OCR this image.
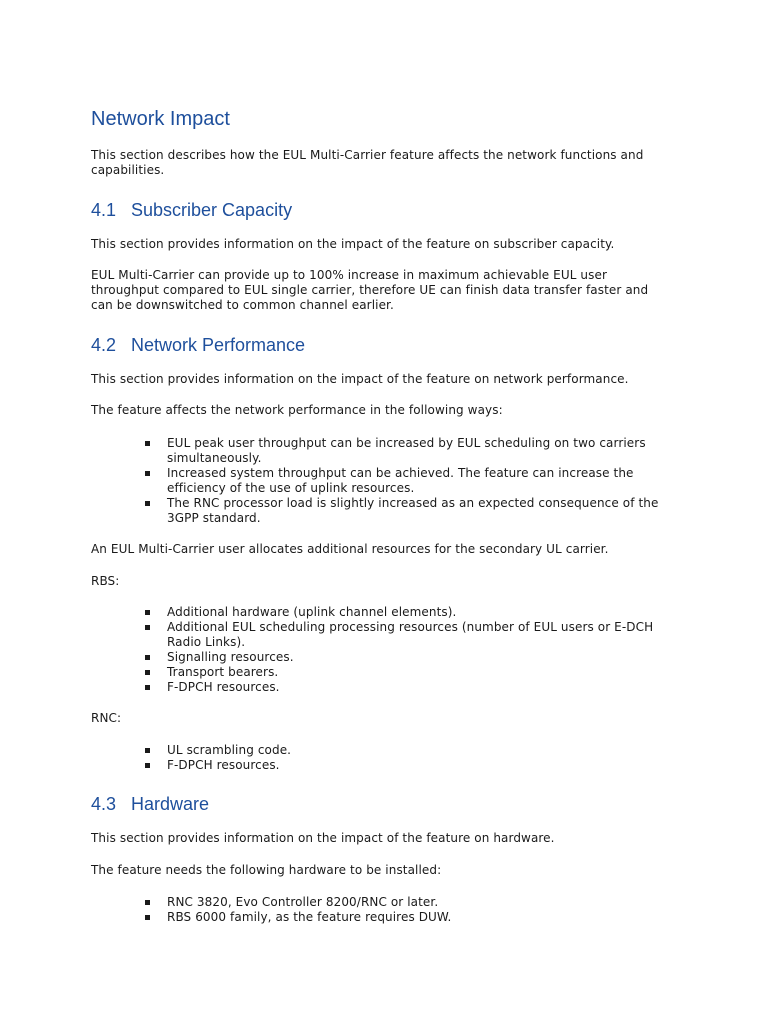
Network Impact

This section describes how the EUL Multi-Carrier feature affects the network functions and capabilities.

4.1 Subscriber Capacity

This section provides information on the impact of the feature on subscriber capacity.

EUL Multi-Carrier can provide up to 100% increase in maximum achievable EUL user throughput compared to EUL single carrier, therefore UE can finish data transfer faster and can be downswitched to common channel earlier.

4.2 Network Performance

This section provides information on the impact of the feature on network performance.

The feature affects the network performance in the following ways:

EUL peak user throughput can be increased by EUL scheduling on two carriers simultaneously.
Increased system throughput can be achieved. The feature can increase the efficiency of the use of uplink resources.
The RNC processor load is slightly increased as an expected consequence of the 3GPP standard.

An EUL Multi-Carrier user allocates additional resources for the secondary UL carrier.

RBS:

Additional hardware (uplink channel elements).
Additional EUL scheduling processing resources (number of EUL users or E-DCH Radio Links).
Signalling resources.
Transport bearers.
F-DPCH resources.

RNC:

UL scrambling code.
F-DPCH resources.
4.3 Hardware

This section provides information on the impact of the feature on hardware.

The feature needs the following hardware to be installed:

RNC 3820, Evo Controller 8200/RNC or later.
RBS 6000 family, as the feature requires DUW.
